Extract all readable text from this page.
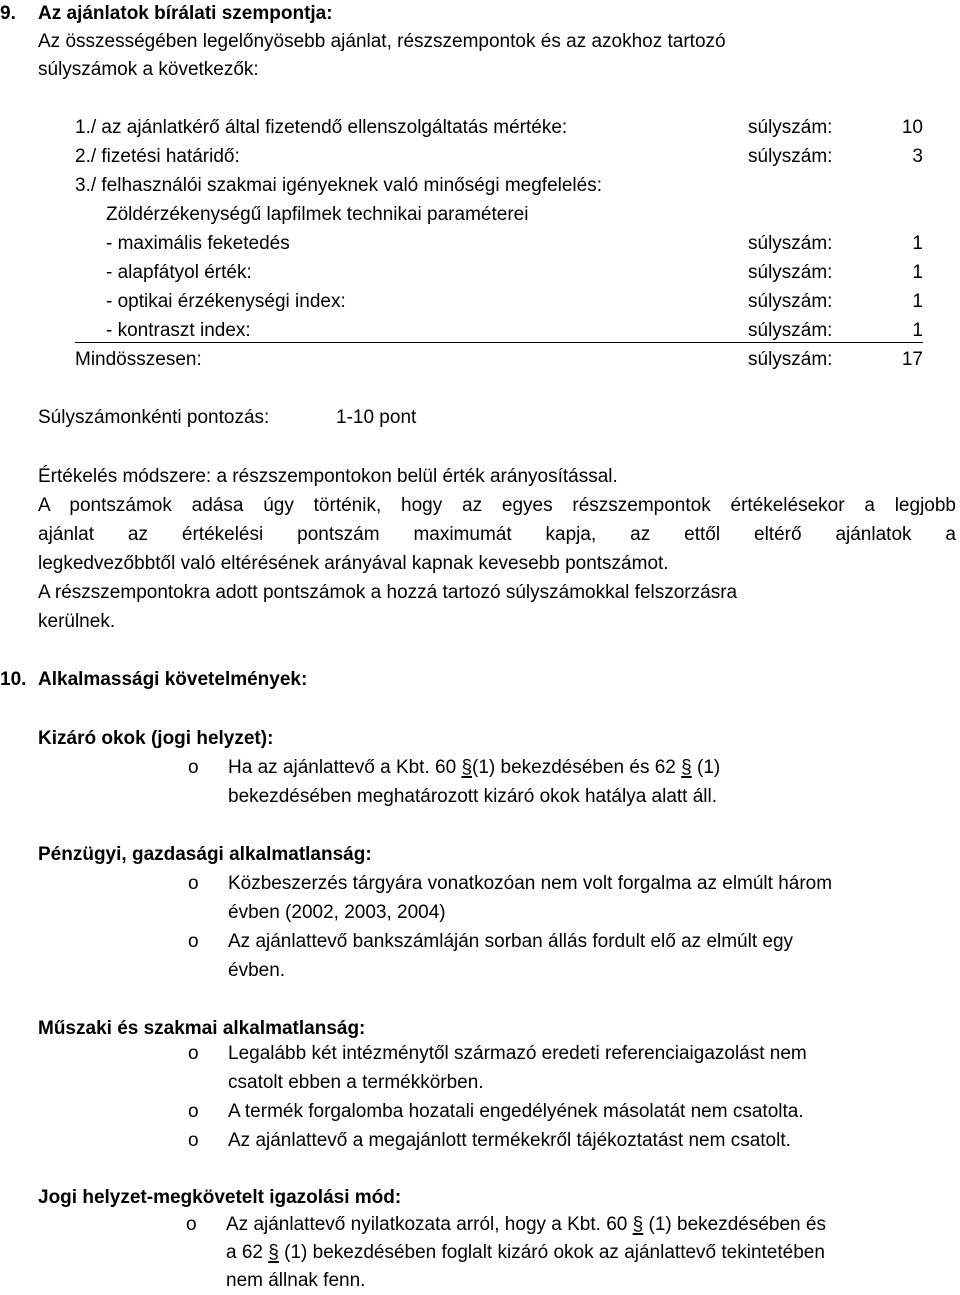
9. Az ajánlatok bírálati szempontja:
Az összességében legelőnyösebb ajánlat, részszempontok és az azokhoz tartozó
súlyszámok a következők:
1./ az ajánlatkérő által fizetendő ellenszolgáltatás mértéke:	súlyszám:	10
2./ fizetési határidő:	súlyszám:	3
3./ felhasználói szakmai igényeknek való minőségi megfelelés:
Zöldérzékenységű lapfilmek technikai paraméterei
- maximális feketedés	súlyszám:	1
- alapfátyol érték:	súlyszám:	1
- optikai érzékenységi index:	súlyszám:	1
- kontraszt index:	súlyszám:	1
Mindösszesen:	súlyszám:	17
Súlyszámonkénti pontozás:	1-10 pont
Értékelés módszere: a részszempontokon belül érték arányosítással.
A pontszámok adása úgy történik, hogy az egyes részszempontok értékelésekor a legjobb
ajánlat az értékelési pontszám maximumát kapja, az ettől eltérő ajánlatok a
legkedvezőbbtől való eltérésének arányával kapnak kevesebb pontszámot.
A részszempontokra adott pontszámok a hozzá tartozó súlyszámokkal felszorzásra
kerülnek.
10. Alkalmassági követelmények:
Kizáró okok (jogi helyzet):
o Ha az ajánlattevő a Kbt. 60 §(1) bekezdésében és 62 § (1)
bekezdésében meghatározott kizáró okok hatálya alatt áll.
Pénzügyi, gazdasági alkalmatlanság:
o Közbeszerzés tárgyára vonatkozóan nem volt forgalma az elmúlt három
évben (2002, 2003, 2004)
o Az ajánlattevő bankszámláján sorban állás fordult elő az elmúlt egy
évben.
Műszaki és szakmai alkalmatlanság:
o Legalább két intézménytől származó eredeti referenciaigazolást nem
csatolt ebben a termékkörben.
o A termék forgalomba hozatali engedélyének másolatát nem csatolta.
o Az ajánlattevő a megajánlott termékekről tájékoztatást nem csatolt.
Jogi helyzet-megkövetelt igazolási mód:
o Az ajánlattevő nyilatkozata arról, hogy a Kbt. 60 § (1) bekezdésében és
a 62 § (1) bekezdésében foglalt kizáró okok az ajánlattevő tekintetében
nem állnak fenn.
